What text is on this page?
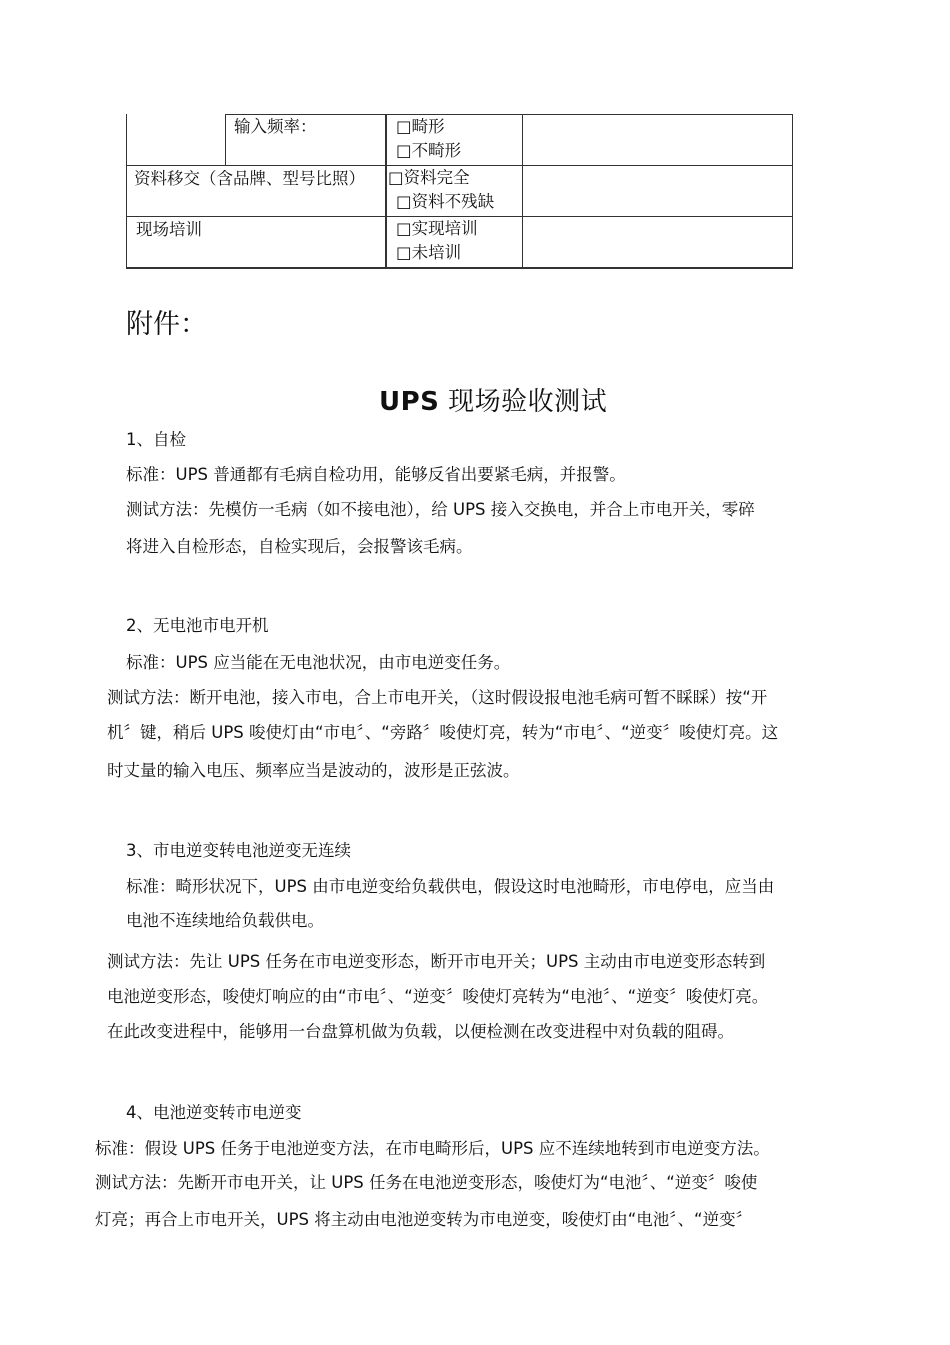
输入频率：	□畸形
□不畸形
资料移交（含品牌、型号比照） □资料完全
□资料不残缺
现场培训	□实现培训
□未培训
附件：
UPS 现场验收测试
1、自检
标准：UPS 普通都有毛病自检功用，能够反省出要紧毛病，并报警。
测试方法：先模仿一毛病（如不接电池），给 UPS 接入交换电，并合上市电开关，零碎
将进入自检形态，自检实现后，会报警该毛病。
2、无电池市电开机
标准：UPS 应当能在无电池状况，由市电逆变任务。
测试方法：断开电池，接入市电，合上市电开关，（这时假设报电池毛病可暂不睬睬）按“开
机〞键，稍后 UPS 唆使灯由“市电〞、“旁路〞唆使灯亮，转为“市电〞、“逆变〞唆使灯亮。这
时丈量的输入电压、频率应当是波动的，波形是正弦波。
3、市电逆变转电池逆变无连续
标准：畸形状况下，UPS 由市电逆变给负载供电，假设这时电池畸形，市电停电，应当由
电池不连续地给负载供电。
测试方法：先让 UPS 任务在市电逆变形态，断开市电开关；UPS 主动由市电逆变形态转到
电池逆变形态，唆使灯响应的由“市电〞、“逆变〞唆使灯亮转为“电池〞、“逆变〞唆使灯亮。
在此改变进程中，能够用一台盘算机做为负载，以便检测在改变进程中对负载的阻碍。
4、电池逆变转市电逆变
标准：假设 UPS 任务于电池逆变方法，在市电畸形后，UPS 应不连续地转到市电逆变方法。
测试方法：先断开市电开关，让 UPS 任务在电池逆变形态，唆使灯为“电池〞、“逆变〞唆使
灯亮；再合上市电开关，UPS 将主动由电池逆变转为市电逆变，唆使灯由“电池〞、“逆变〞
